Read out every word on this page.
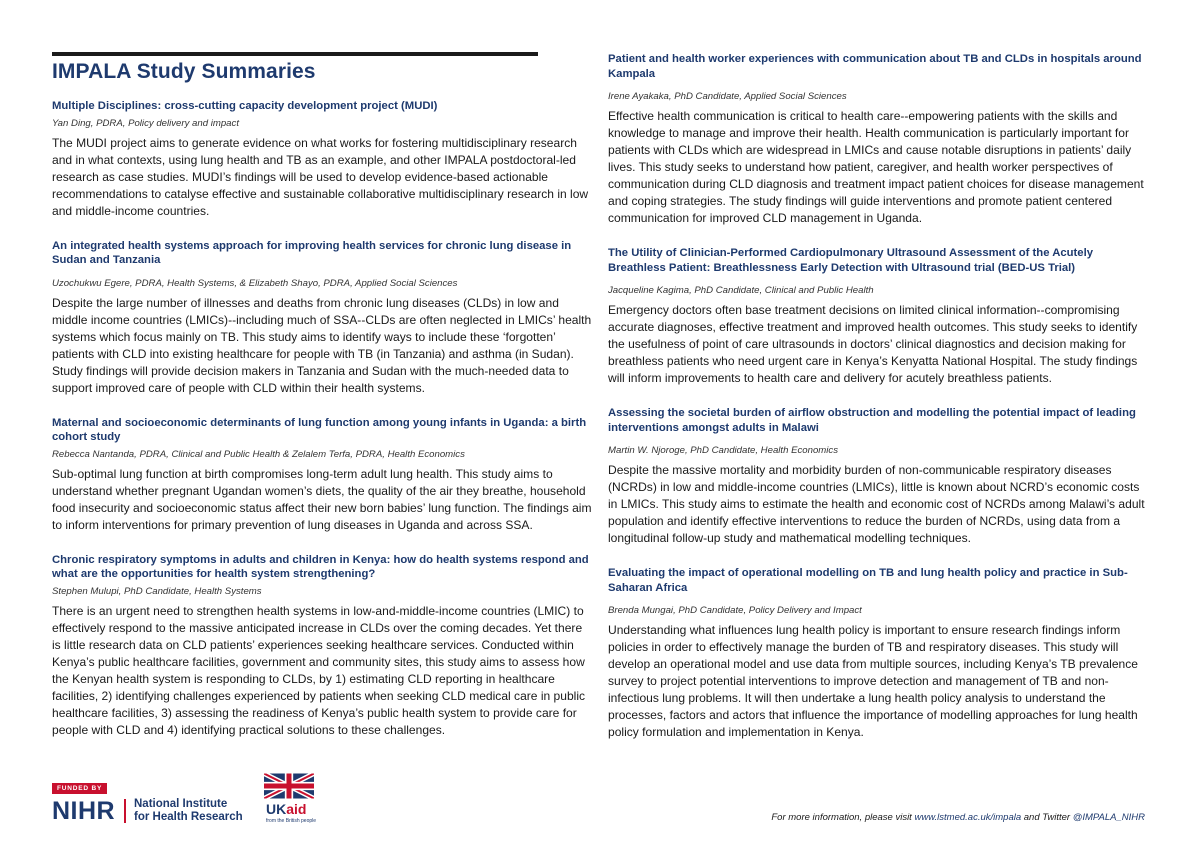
IMPALA Study Summaries
Multiple Disciplines: cross-cutting capacity development project (MUDI)

Yan Ding, PDRA, Policy delivery and impact

The MUDI project aims to generate evidence on what works for fostering multidisciplinary research and in what contexts, using lung health and TB as an example, and other IMPALA postdoctoral-led research as case studies. MUDI’s findings will be used to develop evidence-based actionable recommendations to catalyse effective and sustainable collaborative multidisciplinary research in low and middle-income countries.

An integrated health systems approach for improving health services for chronic lung disease in Sudan and Tanzania

Uzochukwu Egere, PDRA, Health Systems, & Elizabeth Shayo, PDRA, Applied Social Sciences

Despite the large number of illnesses and deaths from chronic lung diseases (CLDs) in low and middle income countries (LMICs)--including much of SSA--CLDs are often neglected in LMICs’ health systems which focus mainly on TB. This study aims to identify ways to include these ‘forgotten’ patients with CLD into existing healthcare for people with TB (in Tanzania) and asthma (in Sudan). Study findings will provide decision makers in Tanzania and Sudan with the much-needed data to support improved care of people with CLD within their health systems.

Maternal and socioeconomic determinants of lung function among young infants in Uganda: a birth cohort study

Rebecca Nantanda, PDRA, Clinical and Public Health & Zelalem Terfa, PDRA, Health Economics

Sub-optimal lung function at birth compromises long-term adult lung health. This study aims to understand whether pregnant Ugandan women’s diets, the quality of the air they breathe, household food insecurity and socioeconomic status affect their new born babies’ lung function. The findings aim to inform interventions for primary prevention of lung diseases in Uganda and across SSA.

Chronic respiratory symptoms in adults and children in Kenya: how do health systems respond and what are the opportunities for health system strengthening?

Stephen Mulupi, PhD Candidate, Health Systems

There is an urgent need to strengthen health systems in low-and-middle-income countries (LMIC) to effectively respond to the massive anticipated increase in CLDs over the coming decades. Yet there is little research data on CLD patients’ experiences seeking healthcare services. Conducted within Kenya’s public healthcare facilities, government and community sites, this study aims to assess how the Kenyan health system is responding to CLDs, by 1) estimating CLD reporting in healthcare facilities, 2) identifying challenges experienced by patients when seeking CLD medical care in public healthcare facilities, 3) assessing the readiness of Kenya’s public health system to provide care for people with CLD and 4) identifying practical solutions to these challenges.

Patient and health worker experiences with communication about TB and CLDs in hospitals around Kampala

Irene Ayakaka, PhD Candidate, Applied Social Sciences

Effective health communication is critical to health care--empowering patients with the skills and knowledge to manage and improve their health. Health communication is particularly important for patients with CLDs which are widespread in LMICs and cause notable disruptions in patients’ daily lives. This study seeks to understand how patient, caregiver, and health worker perspectives of communication during CLD diagnosis and treatment impact patient choices for disease management and coping strategies. The study findings will guide interventions and promote patient centered communication for improved CLD management in Uganda.

The Utility of Clinician-Performed Cardiopulmonary Ultrasound Assessment of the Acutely Breathless Patient: Breathlessness Early Detection with Ultrasound trial (BED-US Trial)

Jacqueline Kagima, PhD Candidate, Clinical and Public Health

Emergency doctors often base treatment decisions on limited clinical information--compromising accurate diagnoses, effective treatment and improved health outcomes. This study seeks to identify the usefulness of point of care ultrasounds in doctors’ clinical diagnostics and decision making for breathless patients who need urgent care in Kenya’s Kenyatta National Hospital. The study findings will inform improvements to health care and delivery for acutely breathless patients.

Assessing the societal burden of airflow obstruction and modelling the potential impact of leading interventions amongst adults in Malawi

Martin W. Njoroge, PhD Candidate, Health Economics

Despite the massive mortality and morbidity burden of non-communicable respiratory diseases (NCRDs) in low and middle-income countries (LMICs), little is known about NCRD’s economic costs in LMICs. This study aims to estimate the health and economic cost of NCRDs among Malawi’s adult population and identify effective interventions to reduce the burden of NCRDs, using data from a longitudinal follow-up study and mathematical modelling techniques.

Evaluating the impact of operational modelling on TB and lung health policy and practice in Sub-Saharan Africa

Brenda Mungai, PhD Candidate, Policy Delivery and Impact

Understanding what influences lung health policy is important to ensure research findings inform policies in order to effectively manage the burden of TB and respiratory diseases. This study will develop an operational model and use data from multiple sources, including Kenya’s TB prevalence survey to project potential interventions to improve detection and management of TB and non-infectious lung problems. It will then undertake a lung health policy analysis to understand the processes, factors and actors that influence the importance of modelling approaches for lung health policy formulation and implementation in Kenya.

FUNDED BY
NIHR National Institute
for Health Research UKaid
from the British people	For more information, please visit www.lstmed.ac.uk/impala and Twitter @IMPALA_NIHR
